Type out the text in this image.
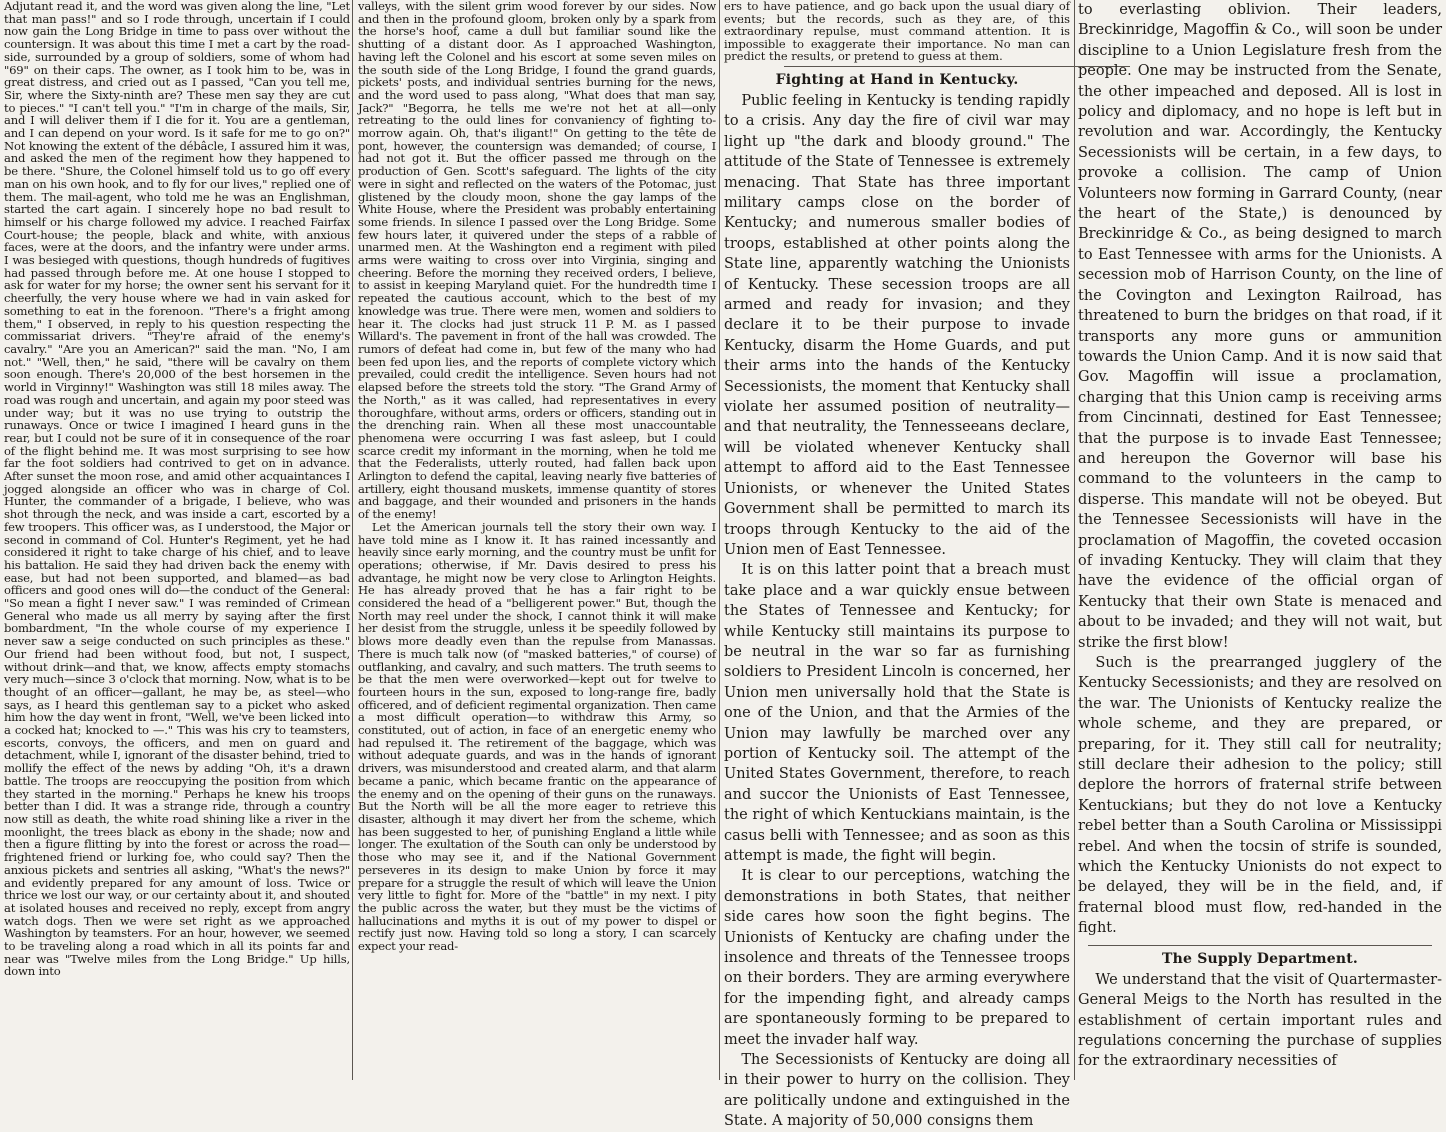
Adjutant read it, and the word was given along the line, "Let that man pass!" and so I rode through, uncertain if I could now gain the Long Bridge in time to pass over without the countersign. It was about this time I met a cart by the road-side, surrounded by a group of soldiers, some of whom had "69" on their caps. The owner, as I took him to be, was in great distress, and cried out as I passed, "Can you tell me, Sir, where the Sixty-ninth are? These men say they are cut to pieces." "I can't tell you." "I'm in charge of the mails, Sir, and I will deliver them if I die for it. You are a gentleman, and I can depend on your word. Is it safe for me to go on?" Not knowing the extent of the débâcle, I assured him it was, and asked the men of the regiment how they happened to be there. "Shure, the Colonel himself told us to go off every man on his own hook, and to fly for our lives," replied one of them. The mail-agent, who told me he was an Englishman, started the cart again. I sincerely hope no bad result to himself or his charge followed my advice. I reached Fairfax Court-house; the people, black and white, with anxious faces, were at the doors, and the infantry were under arms. I was besieged with questions, though hundreds of fugitives had passed through before me. At one house I stopped to ask for water for my horse; the owner sent his servant for it cheerfully, the very house where we had in vain asked for something to eat in the forenoon. "There's a fright among them," I observed, in reply to his question respecting the commissariat drivers. "They're afraid of the enemy's cavalry." "Are you an American?" said the man. "No, I am not." "Well, then," he said, "there will be cavalry on them soon enough. There's 20,000 of the best horsemen in the world in Virginny!" Washington was still 18 miles away. The road was rough and uncertain, and again my poor steed was under way; but it was no use trying to outstrip the runaways. Once or twice I imagined I heard guns in the rear, but I could not be sure of it in consequence of the roar of the flight behind me. It was most surprising to see how far the foot soldiers had contrived to get on in advance. After sunset the moon rose, and amid other acquaintances I jogged alongside an officer who was in charge of Col. Hunter, the commander of a brigade, I believe, who was shot through the neck, and was inside a cart, escorted by a few troopers. This officer was, as I understood, the Major or second in command of Col. Hunter's Regiment, yet he had considered it right to take charge of his chief, and to leave his battalion. He said they had driven back the enemy with ease, but had not been supported, and blamed—as bad officers and good ones will do—the conduct of the General: "So mean a fight I never saw." I was reminded of Crimean General who made us all merry by saying after the first bombardment, "In the whole course of my experience I never saw a seige conducted on such principles as these." Our friend had been without food, but not, I suspect, without drink—and that, we know, affects empty stomachs very much—since 3 o'clock that morning. Now, what is to be thought of an officer—gallant, he may be, as steel—who says, as I heard this gentleman say to a picket who asked him how the day went in front, "Well, we've been licked into a cocked hat; knocked to —." This was his cry to teamsters, escorts, convoys, the officers, and men on guard and detachment, while I, ignorant of the disaster behind, tried to mollify the effect of the news by adding "Oh, it's a drawn battle. The troops are reoccupying the position from which they started in the morning." Perhaps he knew his troops better than I did. It was a strange ride, through a country now still as death, the white road shining like a river in the moonlight, the trees black as ebony in the shade; now and then a figure flitting by into the forest or across the road—frightened friend or lurking foe, who could say? Then the anxious pickets and sentries all asking, "What's the news?" and evidently prepared for any amount of loss. Twice or thrice we lost our way, or our certainty about it, and shouted at isolated houses and received no reply, except from angry watch dogs. Then we were set right as we approached Washington by teamsters. For an hour, however, we seemed to be traveling along a road which in all its points far and near was "Twelve miles from the Long Bridge." Up hills, down into

valleys, with the silent grim wood forever by our sides. Now and then in the profound gloom, broken only by a spark from the horse's hoof, came a dull but familiar sound like the shutting of a distant door. As I approached Washington, having left the Colonel and his escort at some seven miles on the south side of the Long Bridge, I found the grand guards, pickets' posts, and individual sentries burning for the news, and the word used to pass along, "What does that man say, Jack?" "Begorra, he tells me we're not het at all—only retreating to the ould lines for convaniency of fighting to-morrow again. Oh, that's iligant!" On getting to the tête de pont, however, the countersign was demanded; of course, I had not got it. But the officer passed me through on the production of Gen. Scott's safeguard. The lights of the city were in sight and reflected on the waters of the Potomac, just glistened by the cloudy moon, shone the gay lamps of the White House, where the President was probably entertaining some friends. In silence I passed over the Long Bridge. Some few hours later, it quivered under the steps of a rabble of unarmed men. At the Washington end a regiment with piled arms were waiting to cross over into Virginia, singing and cheering. Before the morning they received orders, I believe, to assist in keeping Maryland quiet. For the hundredth time I repeated the cautious account, which to the best of my knowledge was true. There were men, women and soldiers to hear it. The clocks had just struck 11 P. M. as I passed Willard's. The pavement in front of the hall was crowded. The rumors of defeat had come in, but few of the many who had been fed upon lies, and the reports of complete victory which prevailed, could credit the intelligence. Seven hours had not elapsed before the streets told the story. "The Grand Army of the North," as it was called, had representatives in every thoroughfare, without arms, orders or officers, standing out in the drenching rain. When all these most unaccountable phenomena were occurring I was fast asleep, but I could scarce credit my informant in the morning, when he told me that the Federalists, utterly routed, had fallen back upon Arlington to defend the capital, leaving nearly five batteries of artillery, eight thousand muskets, immense quantity of stores and baggage, and their wounded and prisoners in the hands of the enemy!

Let the American journals tell the story their own way. I have told mine as I know it. It has rained incessantly and heavily since early morning, and the country must be unfit for operations; otherwise, if Mr. Davis desired to press his advantage, he might now be very close to Arlington Heights. He has already proved that he has a fair right to be considered the head of a "belligerent power." But, though the North may reel under the shock, I cannot think it will make her desist from the struggle, unless it be speedily followed by blows more deadly even than the repulse from Manassas. There is much talk now (of "masked batteries," of course) of outflanking, and cavalry, and such matters. The truth seems to be that the men were overworked—kept out for twelve to fourteen hours in the sun, exposed to long-range fire, badly officered, and of deficient regimental organization. Then came a most difficult operation—to withdraw this Army, so constituted, out of action, in face of an energetic enemy who had repulsed it. The retirement of the baggage, which was without adequate guards, and was in the hands of ignorant drivers, was misunderstood and created alarm, and that alarm became a panic, which became frantic on the appearance of the enemy and on the opening of their guns on the runaways. But the North will be all the more eager to retrieve this disaster, although it may divert her from the scheme, which has been suggested to her, of punishing England a little while longer. The exultation of the South can only be understood by those who may see it, and if the National Government perseveres in its design to make Union by force it may prepare for a struggle the result of which will leave the Union very little to fight for. More of the "battle" in my next. I pity the public across the water, but they must be the victims of hallucinations and myths it is out of my power to dispel or rectify just now. Having told so long a story, I can scarcely expect your read-

ers to have patience, and go back upon the usual diary of events; but the records, such as they are, of this extraordinary repulse, must command attention. It is impossible to exaggerate their importance. No man can predict the results, or pretend to guess at them.

Fighting at Hand in Kentucky.

Public feeling in Kentucky is tending rapidly to a crisis. Any day the fire of civil war may light up "the dark and bloody ground." The attitude of the State of Tennessee is extremely menacing. That State has three important military camps close on the border of Kentucky; and numerous smaller bodies of troops, established at other points along the State line, apparently watching the Unionists of Kentucky. These secession troops are all armed and ready for invasion; and they declare it to be their purpose to invade Kentucky, disarm the Home Guards, and put their arms into the hands of the Kentucky Secessionists, the moment that Kentucky shall violate her assumed position of neutrality—and that neutrality, the Tennesseeans declare, will be violated whenever Kentucky shall attempt to afford aid to the East Tennessee Unionists, or whenever the United States Government shall be permitted to march its troops through Kentucky to the aid of the Union men of East Tennessee.

It is on this latter point that a breach must take place and a war quickly ensue between the States of Tennessee and Kentucky; for while Kentucky still maintains its purpose to be neutral in the war so far as furnishing soldiers to President Lincoln is concerned, her Union men universally hold that the State is one of the Union, and that the Armies of the Union may lawfully be marched over any portion of Kentucky soil. The attempt of the United States Government, therefore, to reach and succor the Unionists of East Tennessee, the right of which Kentuckians maintain, is the casus belli with Tennessee; and as soon as this attempt is made, the fight will begin.

It is clear to our perceptions, watching the demonstrations in both States, that neither side cares how soon the fight begins. The Unionists of Kentucky are chafing under the insolence and threats of the Tennessee troops on their borders. They are arming everywhere for the impending fight, and already camps are spontaneously forming to be prepared to meet the invader half way.

The Secessionists of Kentucky are doing all in their power to hurry on the collision. They are politically undone and extinguished in the State. A majority of 50,000 consigns them

to everlasting oblivion. Their leaders, Breckinridge, Magoffin & Co., will soon be under discipline to a Union Legislature fresh from the people. One may be instructed from the Senate, the other impeached and deposed. All is lost in policy and diplomacy, and no hope is left but in revolution and war. Accordingly, the Kentucky Secessionists will be certain, in a few days, to provoke a collision. The camp of Union Volunteers now forming in Garrard County, (near the heart of the State,) is denounced by Breckinridge & Co., as being designed to march to East Tennessee with arms for the Unionists. A secession mob of Harrison County, on the line of the Covington and Lexington Railroad, has threatened to burn the bridges on that road, if it transports any more guns or ammunition towards the Union Camp. And it is now said that Gov. Magoffin will issue a proclamation, charging that this Union camp is receiving arms from Cincinnati, destined for East Tennessee; that the purpose is to invade East Tennessee; and hereupon the Governor will base his command to the volunteers in the camp to disperse. This mandate will not be obeyed. But the Tennessee Secessionists will have in the proclamation of Magoffin, the coveted occasion of invading Kentucky. They will claim that they have the evidence of the official organ of Kentucky that their own State is menaced and about to be invaded; and they will not wait, but strike the first blow!

Such is the prearranged jugglery of the Kentucky Secessionists; and they are resolved on the war. The Unionists of Kentucky realize the whole scheme, and they are prepared, or preparing, for it. They still call for neutrality; still declare their adhesion to the policy; still deplore the horrors of fraternal strife between Kentuckians; but they do not love a Kentucky rebel better than a South Carolina or Mississippi rebel. And when the tocsin of strife is sounded, which the Kentucky Unionists do not expect to be delayed, they will be in the field, and, if fraternal blood must flow, red-handed in the fight.

The Supply Department.

We understand that the visit of Quartermaster-General Meigs to the North has resulted in the establishment of certain important rules and regulations concerning the purchase of supplies for the extraordinary necessities of
